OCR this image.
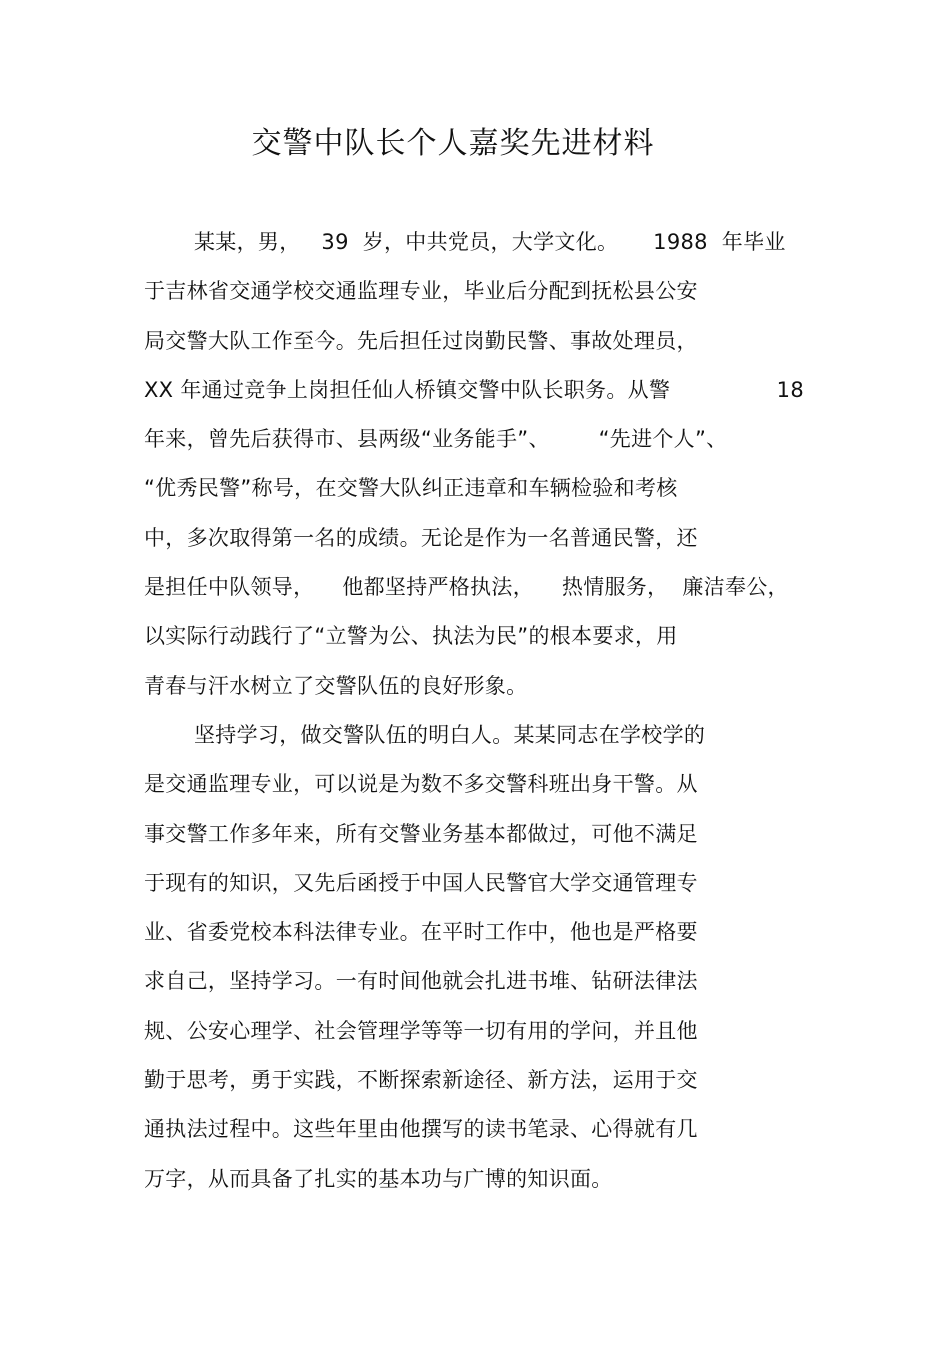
交警中队长个人嘉奖先进材料
某某，男，   39  岁，中共党员，大学文化。     1988  年毕业
于吉林省交通学校交通监理专业，毕业后分配到抚松县公安
局交警大队工作至今。先后担任过岗勤民警、事故处理员，
XX 年通过竞争上岗担任仙人桥镇交警中队长职务。从警	18
年来，曾先后获得市、县两级“业务能手”、       “先进个人”、
“优秀民警”称号，在交警大队纠正违章和车辆检验和考核
中，多次取得第一名的成绩。无论是作为一名普通民警，还
是担任中队领导，    他都坚持严格执法，    热情服务，  廉洁奉公，
以实际行动践行了“立警为公、执法为民”的根本要求，用
青春与汗水树立了交警队伍的良好形象。
坚持学习，做交警队伍的明白人。某某同志在学校学的
是交通监理专业，可以说是为数不多交警科班出身干警。从
事交警工作多年来，所有交警业务基本都做过，可他不满足
于现有的知识，又先后函授于中国人民警官大学交通管理专
业、省委党校本科法律专业。在平时工作中，他也是严格要
求自己，坚持学习。一有时间他就会扎进书堆、钻研法律法
规、公安心理学、社会管理学等等一切有用的学问，并且他
勤于思考，勇于实践，不断探索新途径、新方法，运用于交
通执法过程中。这些年里由他撰写的读书笔录、心得就有几
万字，从而具备了扎实的基本功与广博的知识面。
